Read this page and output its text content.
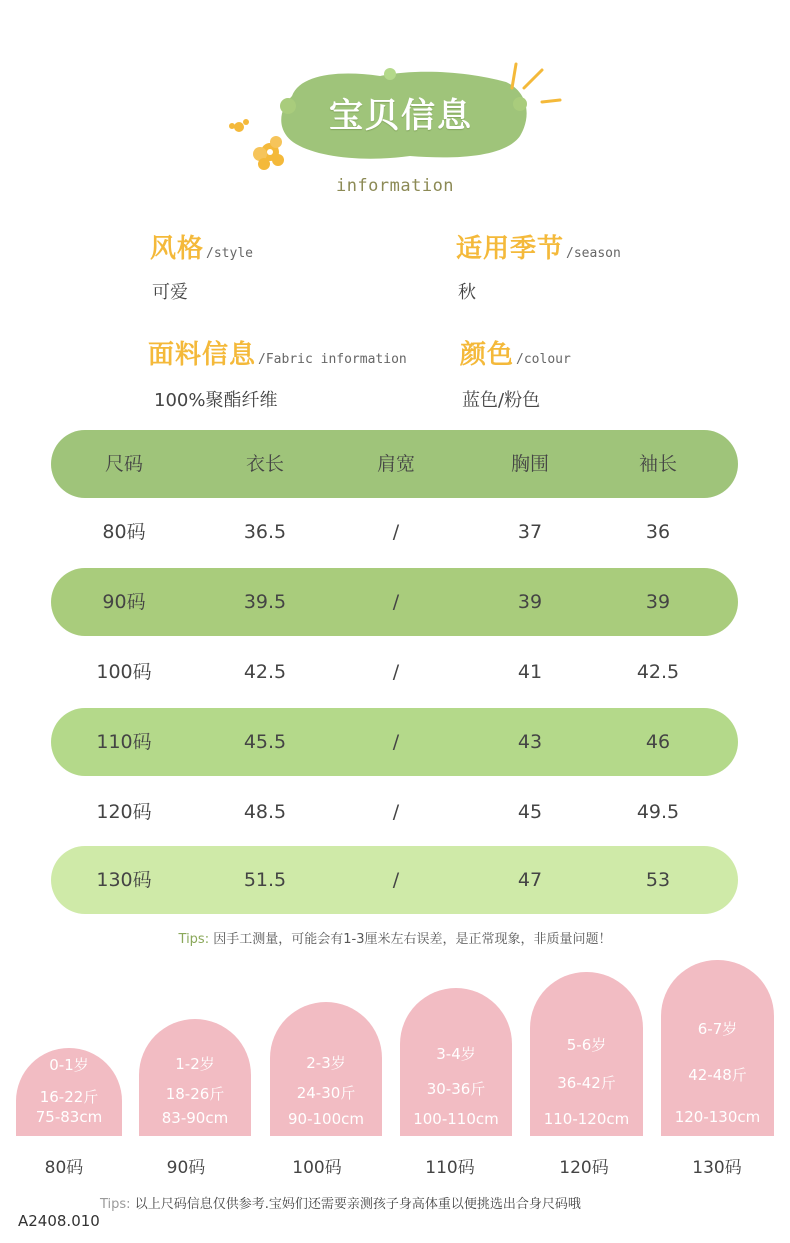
宝贝信息
information
风格 /style
可爱
适用季节 /season
秋
面料信息 /Fabric information
100%聚酯纤维
颜色 /colour
蓝色/粉色
尺码	衣长	肩宽	胸围	袖长
80码	36.5	/	37	36
90码	39.5	/	39	39
100码	42.5	/	41	42.5
110码	45.5	/	43	46
120码	48.5	/	45	49.5
130码	51.5	/	47	53
Tips: 因手工测量，可能会有1-3厘米左右误差，是正常现象，非质量问题！
0-1岁
16-22斤
75-83cm
80码
1-2岁
18-26斤
83-90cm
90码
2-3岁
24-30斤
90-100cm
100码
3-4岁
30-36斤
100-110cm
110码
5-6岁
36-42斤
110-120cm
120码
6-7岁
42-48斤
120-130cm
130码
Tips: 以上尺码信息仅供参考.宝妈们还需要亲测孩子身高体重以便挑选出合身尺码哦
A2408.010
